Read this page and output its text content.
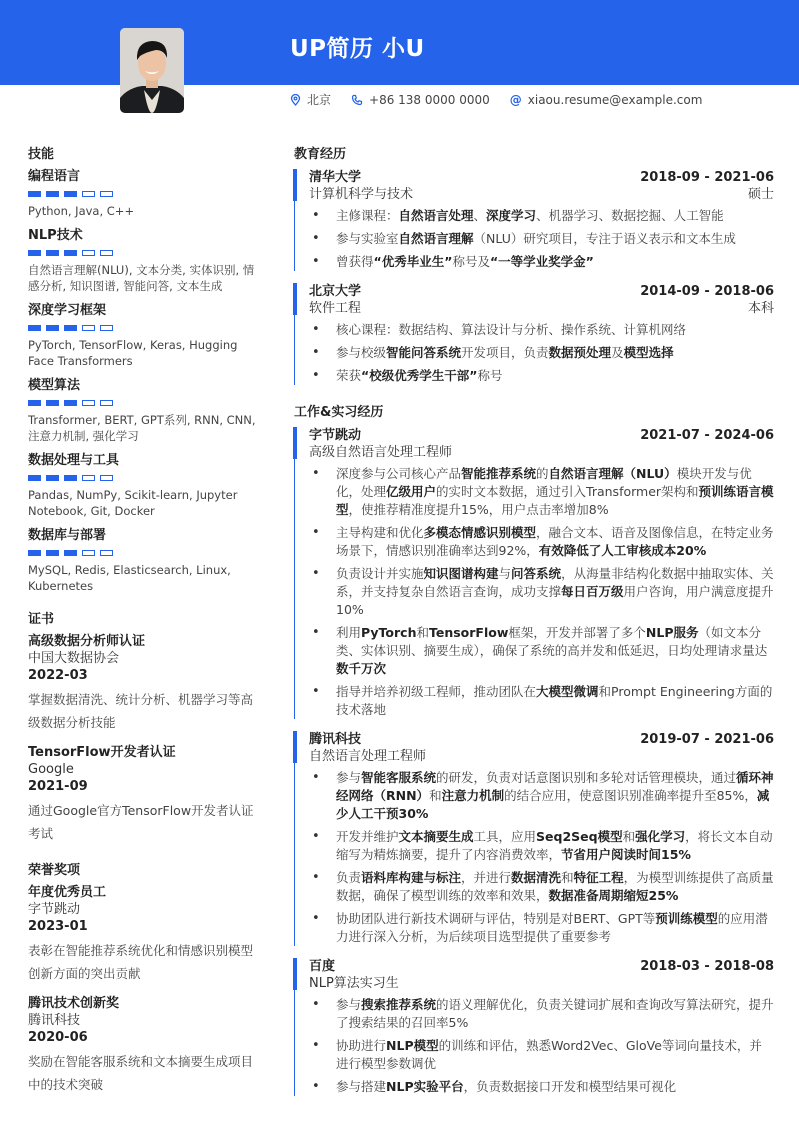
UP简历 小U
北京	+86 138 0000 0000 @ xiaou.resume@example.com
技能
编程语言
Python, Java, C++
NLP技术
自然语言理解(NLU), 文本分类, 实体识别, 情感分析, 知识图谱, 智能问答, 文本生成
深度学习框架
PyTorch, TensorFlow, Keras, Hugging Face Transformers
模型算法
Transformer, BERT, GPT系列, RNN, CNN, 注意力机制, 强化学习
数据处理与工具
Pandas, NumPy, Scikit-learn, Jupyter Notebook, Git, Docker
数据库与部署
MySQL, Redis, Elasticsearch, Linux, Kubernetes
证书
高级数据分析师认证
中国大数据协会
2022-03
掌握数据清洗、统计分析、机器学习等高级数据分析技能
TensorFlow开发者认证
Google
2021-09
通过Google官方TensorFlow开发者认证考试
荣誉奖项
年度优秀员工
字节跳动
2023-01
表彰在智能推荐系统优化和情感识别模型创新方面的突出贡献
腾讯技术创新奖
腾讯科技
2020-06
奖励在智能客服系统和文本摘要生成项目中的技术突破
教育经历
清华大学	2018-09 - 2021-06
计算机科学与技术	硕士
• 主修课程：自然语言处理、深度学习、机器学习、数据挖掘、人工智能
• 参与实验室自然语言理解（NLU）研究项目，专注于语义表示和文本生成
• 曾获得“优秀毕业生”称号及“一等学业奖学金”
北京大学	2014-09 - 2018-06
软件工程	本科
• 核心课程：数据结构、算法设计与分析、操作系统、计算机网络
• 参与校级智能问答系统开发项目，负责数据预处理及模型选择
• 荣获“校级优秀学生干部”称号
工作&实习经历
字节跳动	2021-07 - 2024-06
高级自然语言处理工程师
• 深度参与公司核心产品智能推荐系统的自然语言理解（NLU）模块开发与优化，处理亿级用户的实时文本数据，通过引入Transformer架构和预训练语言模型，使推荐精准度提升15%，用户点击率增加8%
• 主导构建和优化多模态情感识别模型，融合文本、语音及图像信息，在特定业务场景下，情感识别准确率达到92%，有效降低了人工审核成本20%
• 负责设计并实施知识图谱构建与问答系统，从海量非结构化数据中抽取实体、关系，并支持复杂自然语言查询，成功支撑每日百万级用户咨询，用户满意度提升10%
• 利用PyTorch和TensorFlow框架，开发并部署了多个NLP服务（如文本分类、实体识别、摘要生成），确保了系统的高并发和低延迟，日均处理请求量达数千万次
• 指导并培养初级工程师，推动团队在大模型微调和Prompt Engineering方面的技术落地
腾讯科技	2019-07 - 2021-06
自然语言处理工程师
• 参与智能客服系统的研发，负责对话意图识别和多轮对话管理模块，通过循环神经网络（RNN）和注意力机制的结合应用，使意图识别准确率提升至85%，减少人工干预30%
• 开发并维护文本摘要生成工具，应用Seq2Seq模型和强化学习，将长文本自动缩写为精炼摘要，提升了内容消费效率，节省用户阅读时间15%
• 负责语料库构建与标注，并进行数据清洗和特征工程，为模型训练提供了高质量数据，确保了模型训练的效率和效果，数据准备周期缩短25%
• 协助团队进行新技术调研与评估，特别是对BERT、GPT等预训练模型的应用潜力进行深入分析，为后续项目选型提供了重要参考
百度	2018-03 - 2018-08
NLP算法实习生
• 参与搜索推荐系统的语义理解优化，负责关键词扩展和查询改写算法研究，提升了搜索结果的召回率5%
• 协助进行NLP模型的训练和评估，熟悉Word2Vec、GloVe等词向量技术，并进行模型参数调优
• 参与搭建NLP实验平台，负责数据接口开发和模型结果可视化
